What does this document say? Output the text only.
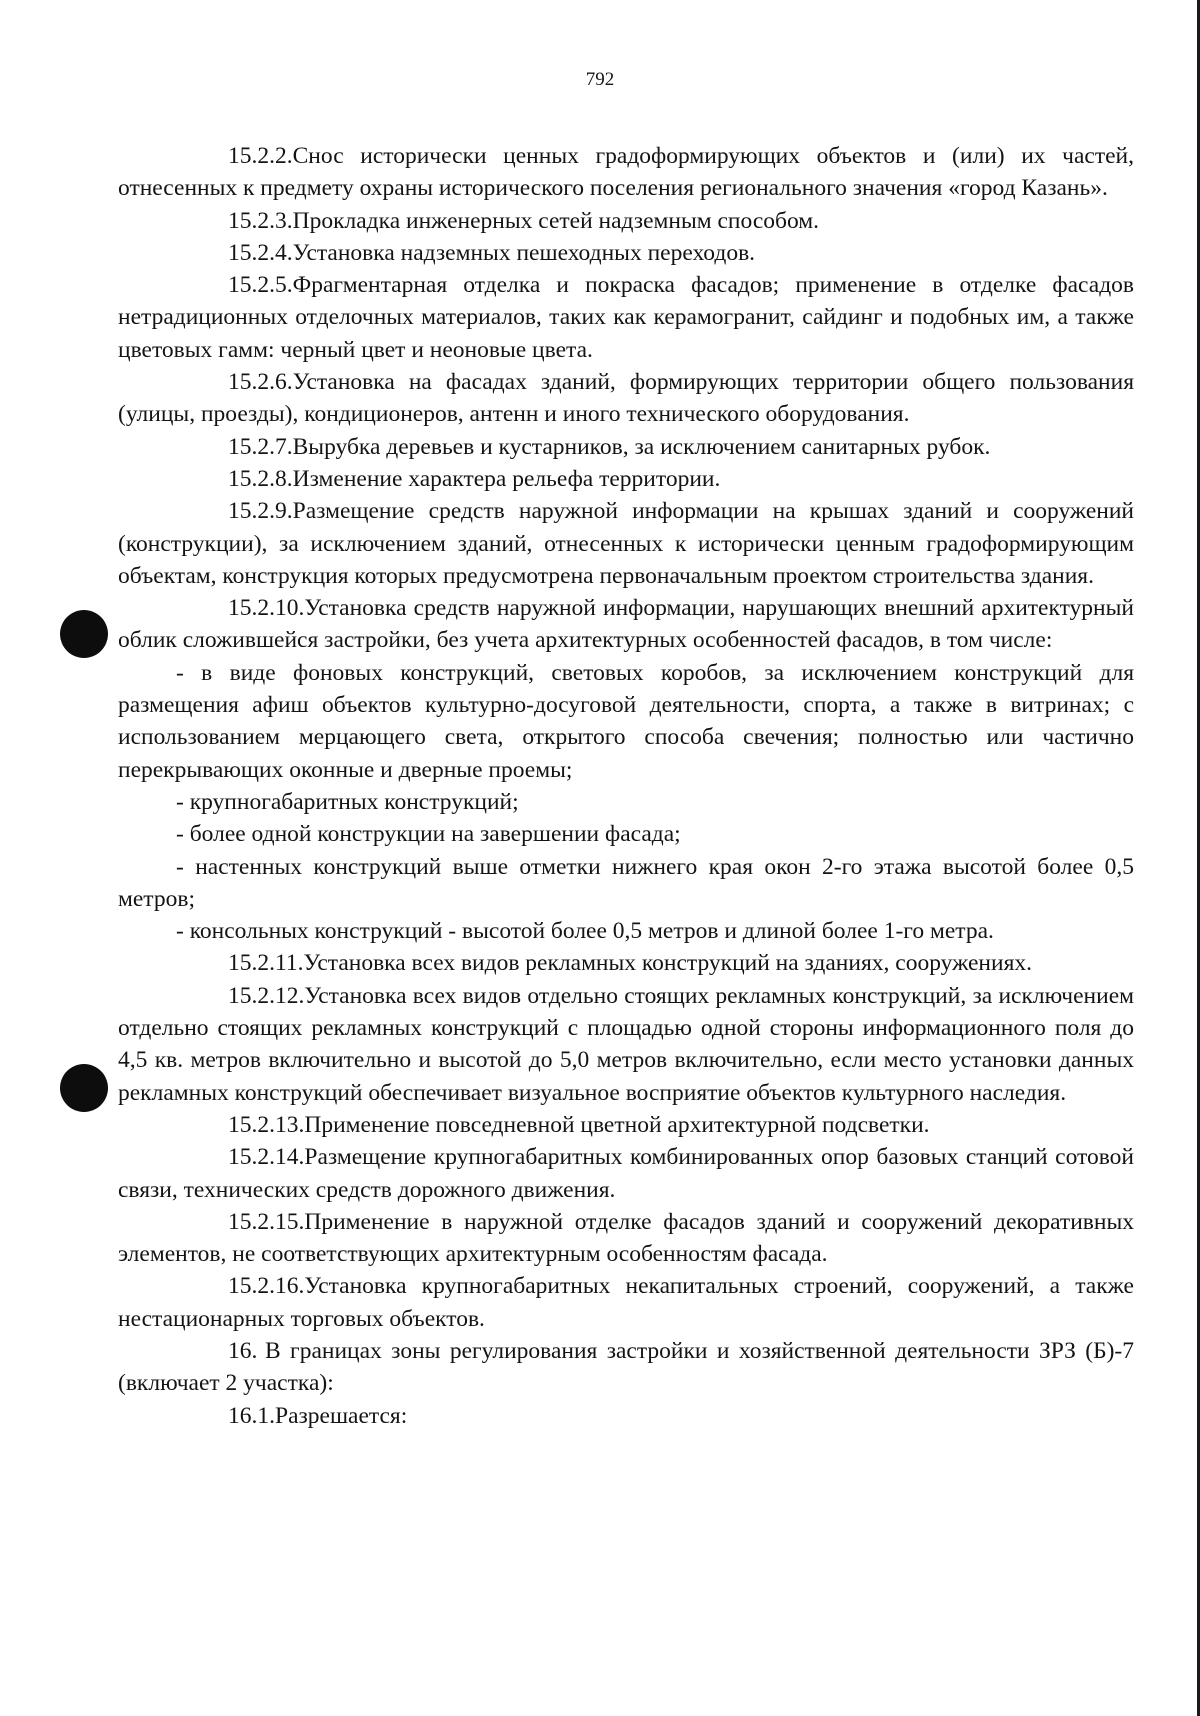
792

15.2.2.Снос исторически ценных градоформирующих объектов и (или) их частей, отнесенных к предмету охраны исторического поселения регионального значения «город Казань».

15.2.3.Прокладка инженерных сетей надземным способом.

15.2.4.Установка надземных пешеходных переходов.

15.2.5.Фрагментарная отделка и покраска фасадов; применение в отделке фасадов нетрадиционных отделочных материалов, таких как керамогранит, сайдинг и подобных им, а также цветовых гамм: черный цвет и неоновые цвета.

15.2.6.Установка на фасадах зданий, формирующих территории общего пользования (улицы, проезды), кондиционеров, антенн и иного технического оборудования.

15.2.7.Вырубка деревьев и кустарников, за исключением санитарных рубок.

15.2.8.Изменение характера рельефа территории.

15.2.9.Размещение средств наружной информации на крышах зданий и сооружений (конструкции), за исключением зданий, отнесенных к исторически ценным градоформирующим объектам, конструкция которых предусмотрена первоначальным проектом строительства здания.

15.2.10.Установка средств наружной информации, нарушающих внешний архитектурный облик сложившейся застройки, без учета архитектурных особенностей фасадов, в том числе:

- в виде фоновых конструкций, световых коробов, за исключением конструкций для размещения афиш объектов культурно-досуговой деятельности, спорта, а также в витринах; с использованием мерцающего света, открытого способа свечения; полностью или частично перекрывающих оконные и дверные проемы;

- крупногабаритных конструкций;

- более одной конструкции на завершении фасада;

- настенных конструкций выше отметки нижнего края окон 2-го этажа высотой более 0,5 метров;

- консольных конструкций - высотой более 0,5 метров и длиной более 1-го метра.

15.2.11.Установка всех видов рекламных конструкций на зданиях, сооружениях.

15.2.12.Установка всех видов отдельно стоящих рекламных конструкций, за исключением отдельно стоящих рекламных конструкций с площадью одной стороны информационного поля до 4,5 кв. метров включительно и высотой до 5,0 метров включительно, если место установки данных рекламных конструкций обеспечивает визуальное восприятие объектов культурного наследия.

15.2.13.Применение повседневной цветной архитектурной подсветки.

15.2.14.Размещение крупногабаритных комбинированных опор базовых станций сотовой связи, технических средств дорожного движения.

15.2.15.Применение в наружной отделке фасадов зданий и сооружений декоративных элементов, не соответствующих архитектурным особенностям фасада.

15.2.16.Установка крупногабаритных некапитальных строений, сооружений, а также нестационарных торговых объектов.

16. В границах зоны регулирования застройки и хозяйственной деятельности ЗРЗ (Б)-7 (включает 2 участка):

16.1.Разрешается:
